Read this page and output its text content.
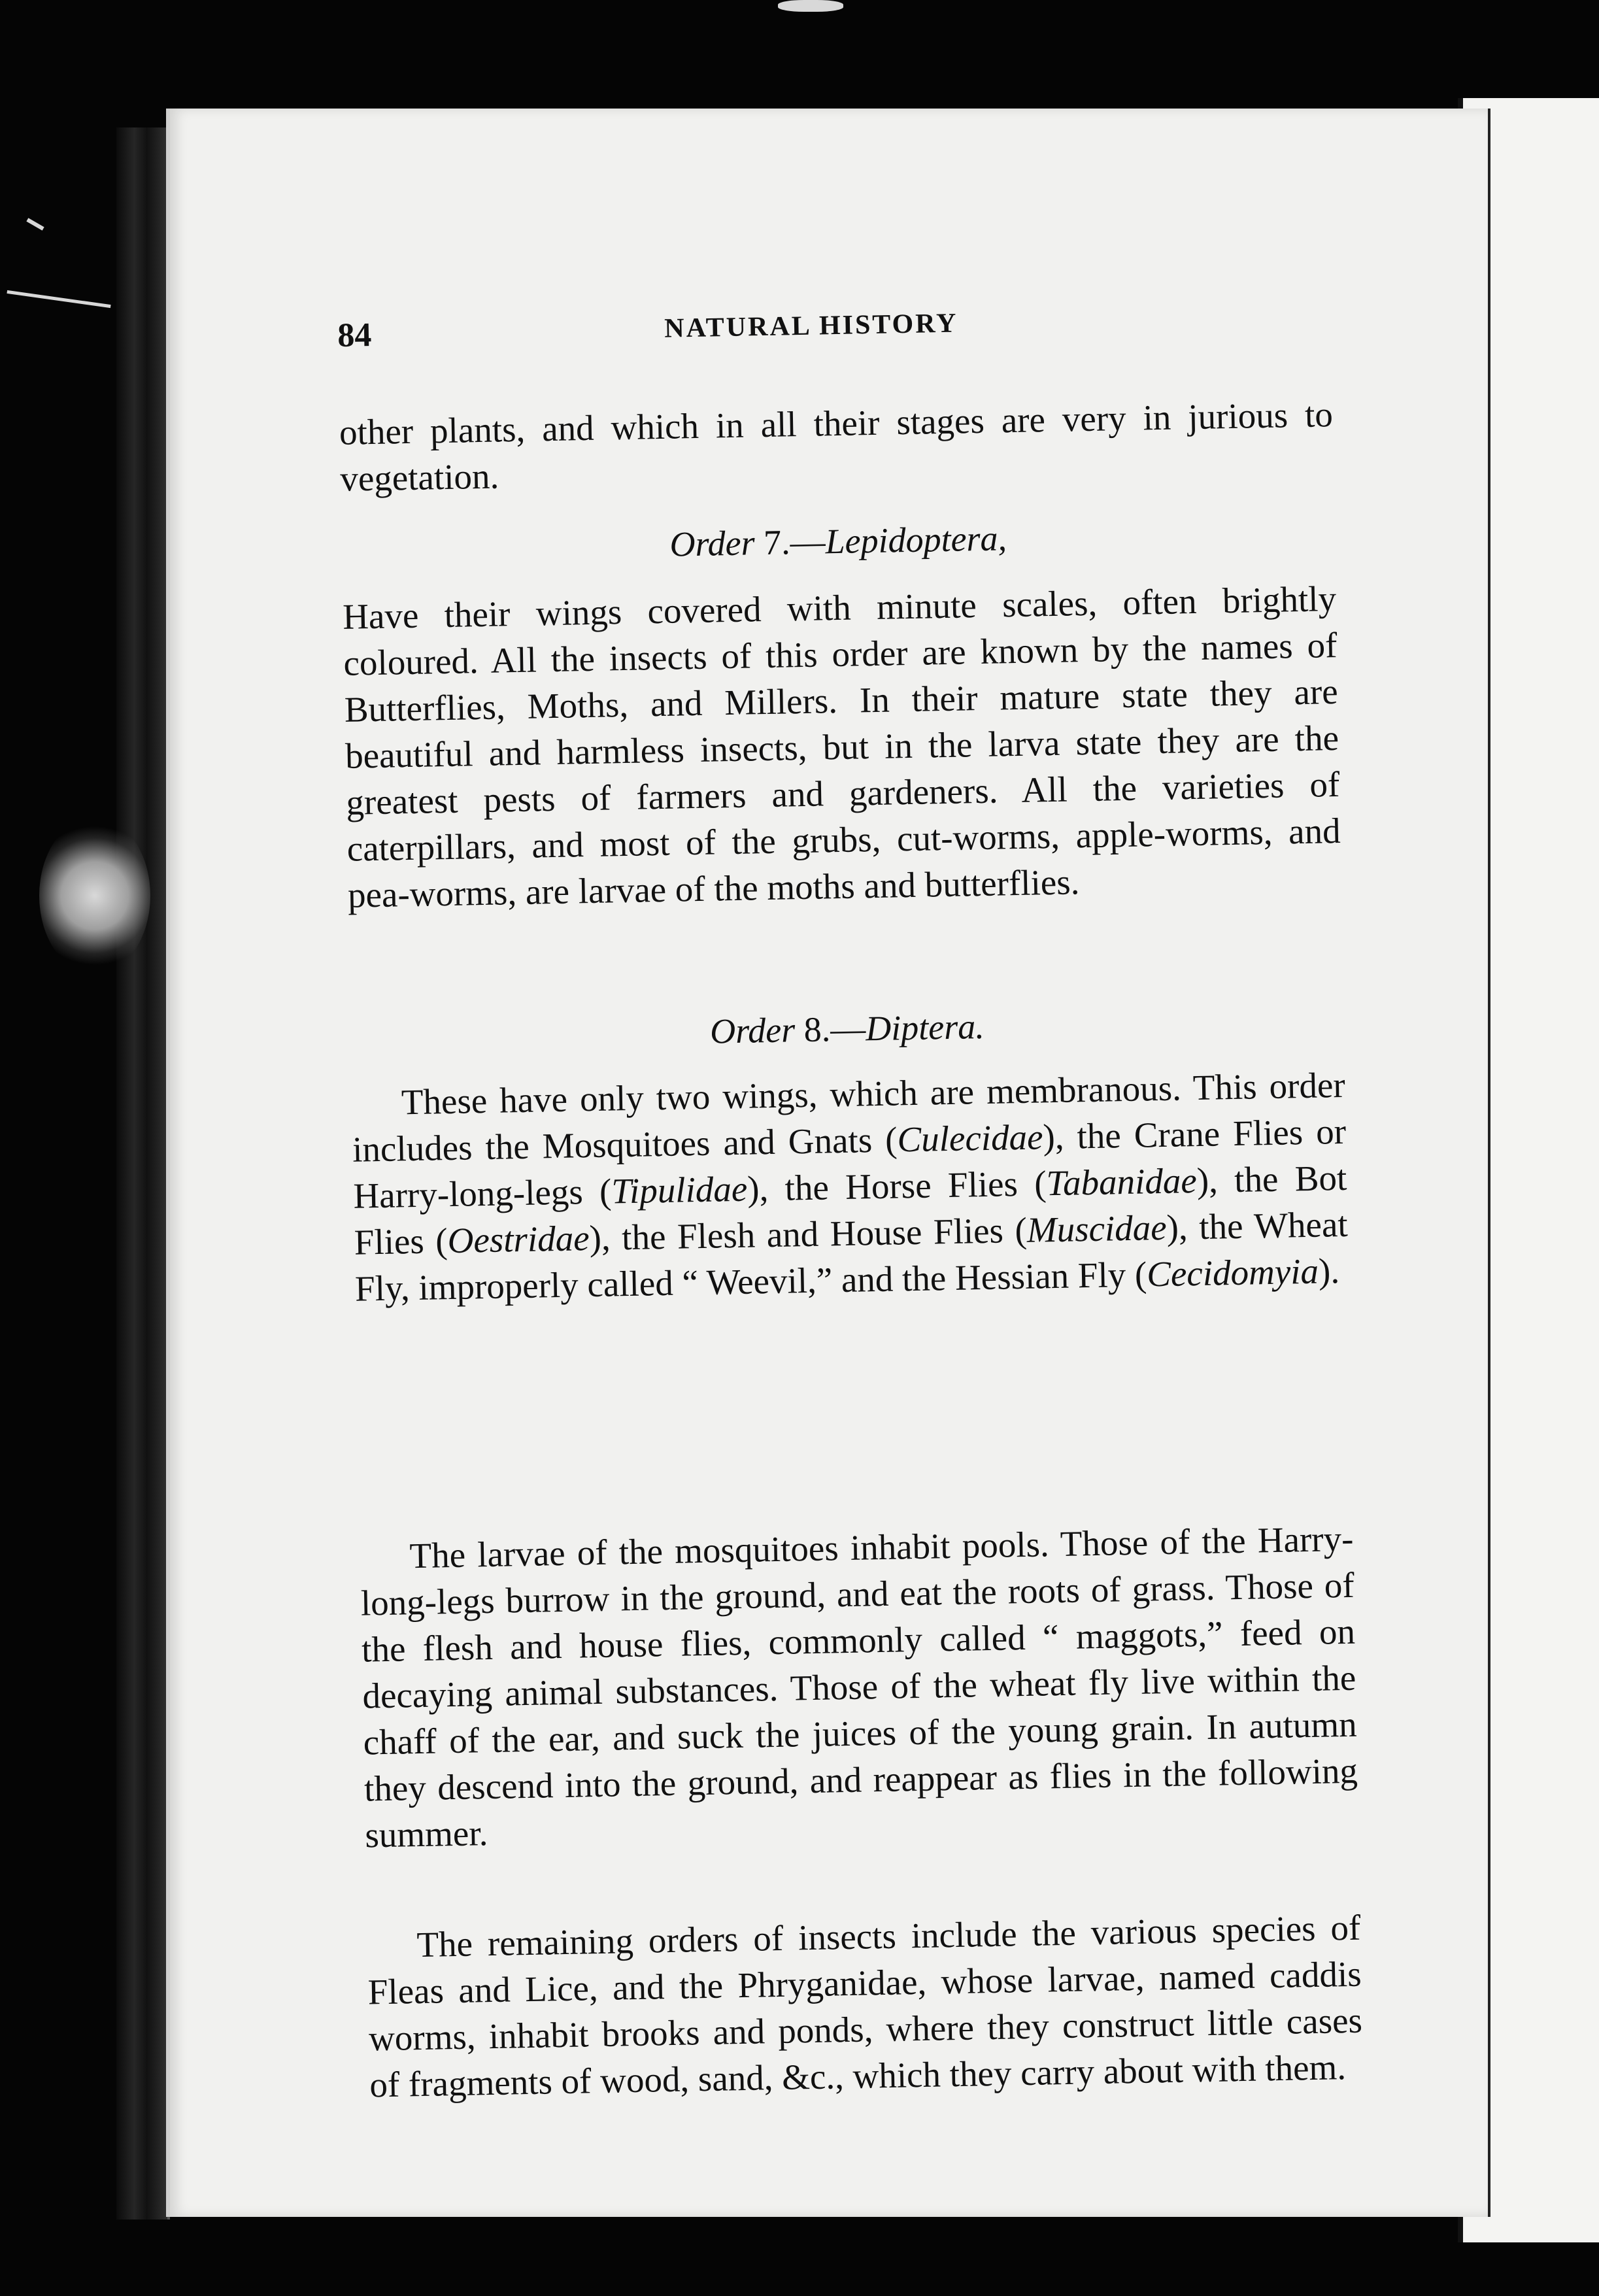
84	NATURAL HISTORY
other plants, and which in all their stages are very in jurious to vegetation.
Order 7.—Lepidoptera,
Have their wings covered with minute scales, often brightly coloured. All the insects of this order are known by the names of Butterflies, Moths, and Millers. In their mature state they are beautiful and harmless insects, but in the larva state they are the greatest pests of farmers and gardeners. All the varieties of caterpillars, and most of the grubs, cut-worms, apple-worms, and pea-worms, are larvae of the moths and butterflies.
Order 8.—Diptera.
These have only two wings, which are membranous. This order includes the Mosquitoes and Gnats (Culecidae), the Crane Flies or Harry-long-legs (Tipulidae), the Horse Flies (Tabanidae), the Bot Flies (Oestridae), the Flesh and House Flies (Muscidae), the Wheat Fly, improperly called “ Weevil,” and the Hessian Fly (Cecidomyia).
The larvae of the mosquitoes inhabit pools. Those of the Harry-long-legs burrow in the ground, and eat the roots of grass. Those of the flesh and house flies, commonly called “ maggots,” feed on decaying animal substances. Those of the wheat fly live within the chaff of the ear, and suck the juices of the young grain. In autumn they descend into the ground, and reappear as flies in the following summer.
The remaining orders of insects include the various species of Fleas and Lice, and the Phryganidae, whose larvae, named caddis worms, inhabit brooks and ponds, where they construct little cases of fragments of wood, sand, &c., which they carry about with them.
